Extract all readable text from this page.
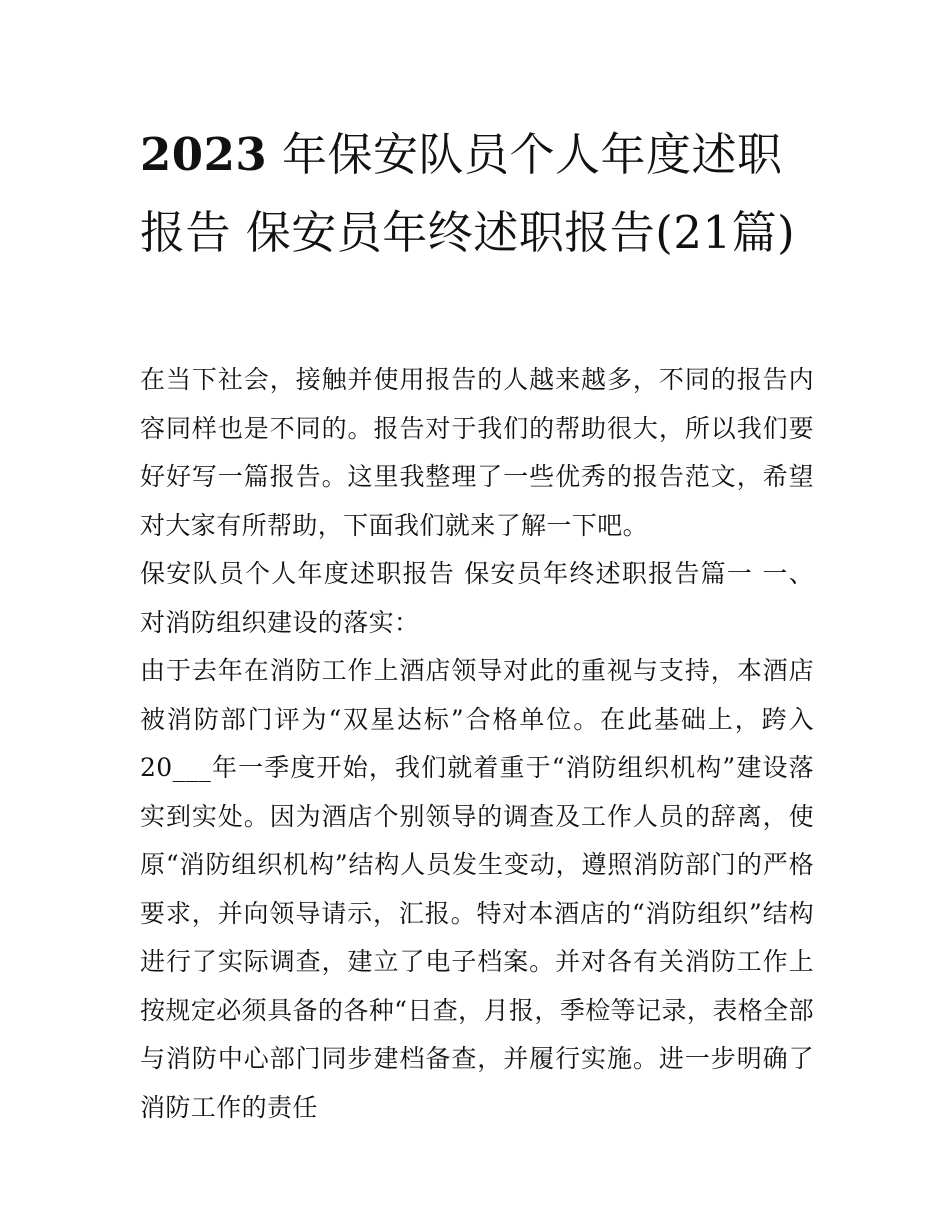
2023 年保安队员个人年度述职报告 保安员年终述职报告(21篇)

在当下社会，接触并使用报告的人越来越多，不同的报告内容同样也是不同的。报告对于我们的帮助很大，所以我们要好好写一篇报告。这里我整理了一些优秀的报告范文，希望对大家有所帮助，下面我们就来了解一下吧。

保安队员个人年度述职报告 保安员年终述职报告篇一 一、对消防组织建设的落实：

由于去年在消防工作上酒店领导对此的重视与支持，本酒店被消防部门评为“双星达标”合格单位。在此基础上，跨入20___年一季度开始，我们就着重于“消防组织机构”建设落实到实处。因为酒店个别领导的调查及工作人员的辞离，使原“消防组织机构”结构人员发生变动，遵照消防部门的严格要求，并向领导请示，汇报。特对本酒店的“消防组织”结构进行了实际调查，建立了电子档案。并对各有关消防工作上按规定必须具备的各种“日查，月报，季检等记录，表格全部与消防中心部门同步建档备查，并履行实施。进一步明确了消防工作的责任
